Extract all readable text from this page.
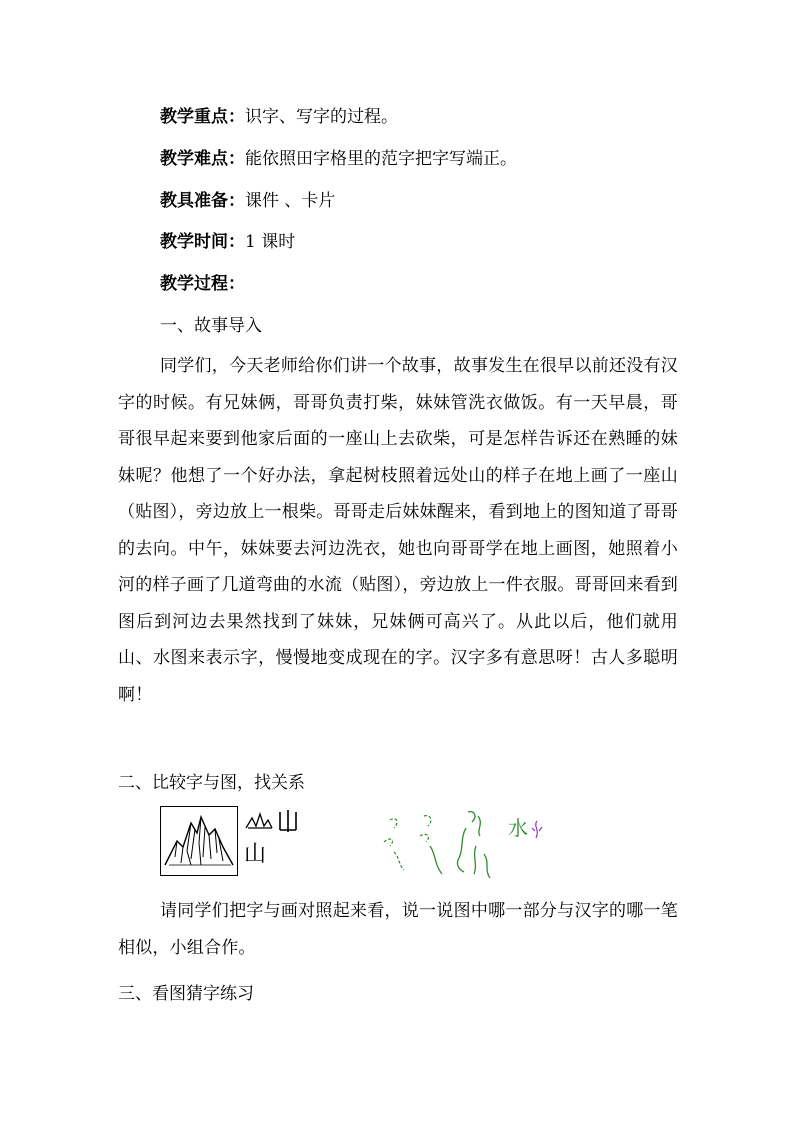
教学重点：识字、写字的过程。
教学难点：能依照田字格里的范字把字写端正。
教具准备：课件 、卡片
教学时间：1 课时
教学过程：
一、故事导入
同学们，今天老师给你们讲一个故事，故事发生在很早以前还没有汉字的时候。有兄妹俩，哥哥负责打柴，妹妹管洗衣做饭。有一天早晨，哥哥很早起来要到他家后面的一座山上去砍柴，可是怎样告诉还在熟睡的妹妹呢？他想了一个好办法，拿起树枝照着远处山的样子在地上画了一座山（贴图），旁边放上一根柴。哥哥走后妹妹醒来，看到地上的图知道了哥哥的去向。中午，妹妹要去河边洗衣，她也向哥哥学在地上画图，她照着小河的样子画了几道弯曲的水流（贴图），旁边放上一件衣服。哥哥回来看到图后到河边去果然找到了妹妹，兄妹俩可高兴了。从此以后，他们就用山、水图来表示字，慢慢地变成现在的字。汉字多有意思呀！古人多聪明啊！
二、比较字与图，找关系
山
水
请同学们把字与画对照起来看，说一说图中哪一部分与汉字的哪一笔相似，小组合作。
三、看图猜字练习
